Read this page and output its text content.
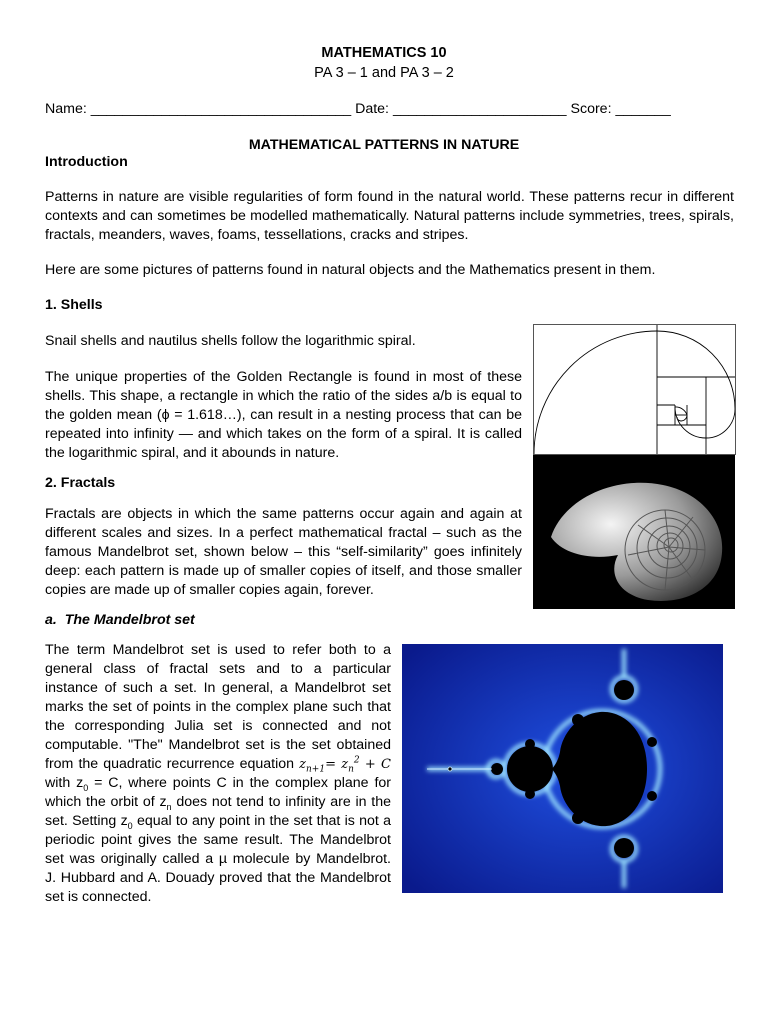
MATHEMATICS 10
PA 3 – 1 and PA 3 – 2
Name: _________________________________ Date: ______________________ Score: _______
MATHEMATICAL PATTERNS IN NATURE
Introduction
Patterns in nature are visible regularities of form found in the natural world. These patterns recur in different contexts and can sometimes be modelled mathematically. Natural patterns include symmetries, trees, spirals, fractals, meanders, waves, foams, tessellations, cracks and stripes.
Here are some pictures of patterns found in natural objects and the Mathematics present in them.
1. Shells
Snail shells and nautilus shells follow the logarithmic spiral.
The unique properties of the Golden Rectangle is found in most of these shells. This shape, a rectangle in which the ratio of the sides a/b is equal to the golden mean (ϕ = 1.618…), can result in a nesting process that can be repeated into infinity — and which takes on the form of a spiral. It is called the logarithmic spiral, and it abounds in nature.
2. Fractals
Fractals are objects in which the same patterns occur again and again at different scales and sizes. In a perfect mathematical fractal – such as the famous Mandelbrot set, shown below – this “self-similarity” goes infinitely deep: each pattern is made up of smaller copies of itself, and those smaller copies are made up of smaller copies again, forever.
a.  The Mandelbrot set
The term Mandelbrot set is used to refer both to a general class of fractal sets and to a particular instance of such a set. In general, a Mandelbrot set marks the set of points in the complex plane such that the corresponding Julia set is connected and not computable. "The" Mandelbrot set is the set obtained from the quadratic recurrence equation $z_{n+1}= z_n^2 + C$ with $z_0 = C$, where points C in the complex plane for which the orbit of $z_n$ does not tend to infinity are in the set. Setting $z_0$ equal to any point in the set that is not a periodic point gives the same result. The Mandelbrot set was originally called a µ molecule by Mandelbrot. J. Hubbard and A. Douady proved that the Mandelbrot set is connected.
